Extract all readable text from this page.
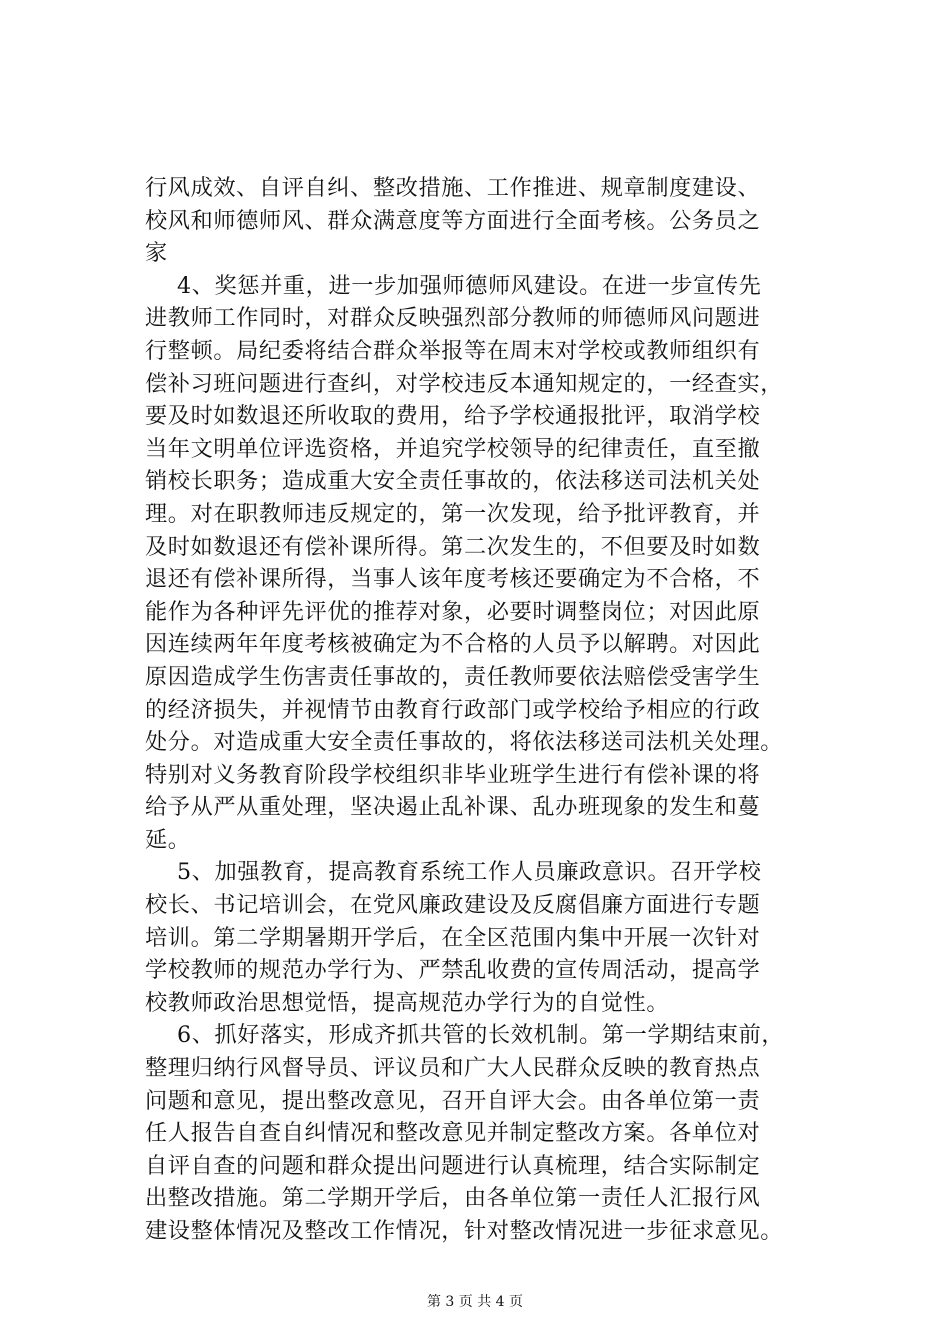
行风成效、自评自纠、整改措施、工作推进、规章制度建设、
校风和师德师风、群众满意度等方面进行全面考核。公务员之
家
4、奖惩并重，进一步加强师德师风建设。在进一步宣传先
进教师工作同时，对群众反映强烈部分教师的师德师风问题进
行整顿。局纪委将结合群众举报等在周末对学校或教师组织有
偿补习班问题进行查纠，对学校违反本通知规定的，一经查实，
要及时如数退还所收取的费用，给予学校通报批评，取消学校
当年文明单位评选资格，并追究学校领导的纪律责任，直至撤
销校长职务；造成重大安全责任事故的，依法移送司法机关处
理。对在职教师违反规定的，第一次发现，给予批评教育，并
及时如数退还有偿补课所得。第二次发生的，不但要及时如数
退还有偿补课所得，当事人该年度考核还要确定为不合格，不
能作为各种评先评优的推荐对象，必要时调整岗位；对因此原
因连续两年年度考核被确定为不合格的人员予以解聘。对因此
原因造成学生伤害责任事故的，责任教师要依法赔偿受害学生
的经济损失，并视情节由教育行政部门或学校给予相应的行政
处分。对造成重大安全责任事故的，将依法移送司法机关处理。
特别对义务教育阶段学校组织非毕业班学生进行有偿补课的将
给予从严从重处理，坚决遏止乱补课、乱办班现象的发生和蔓
延。
5、加强教育，提高教育系统工作人员廉政意识。召开学校
校长、书记培训会，在党风廉政建设及反腐倡廉方面进行专题
培训。第二学期暑期开学后，在全区范围内集中开展一次针对
学校教师的规范办学行为、严禁乱收费的宣传周活动，提高学
校教师政治思想觉悟，提高规范办学行为的自觉性。
6、抓好落实，形成齐抓共管的长效机制。第一学期结束前，
整理归纳行风督导员、评议员和广大人民群众反映的教育热点
问题和意见，提出整改意见，召开自评大会。由各单位第一责
任人报告自查自纠情况和整改意见并制定整改方案。各单位对
自评自查的问题和群众提出问题进行认真梳理，结合实际制定
出整改措施。第二学期开学后，由各单位第一责任人汇报行风
建设整体情况及整改工作情况，针对整改情况进一步征求意见。
第 3 页 共 4 页
